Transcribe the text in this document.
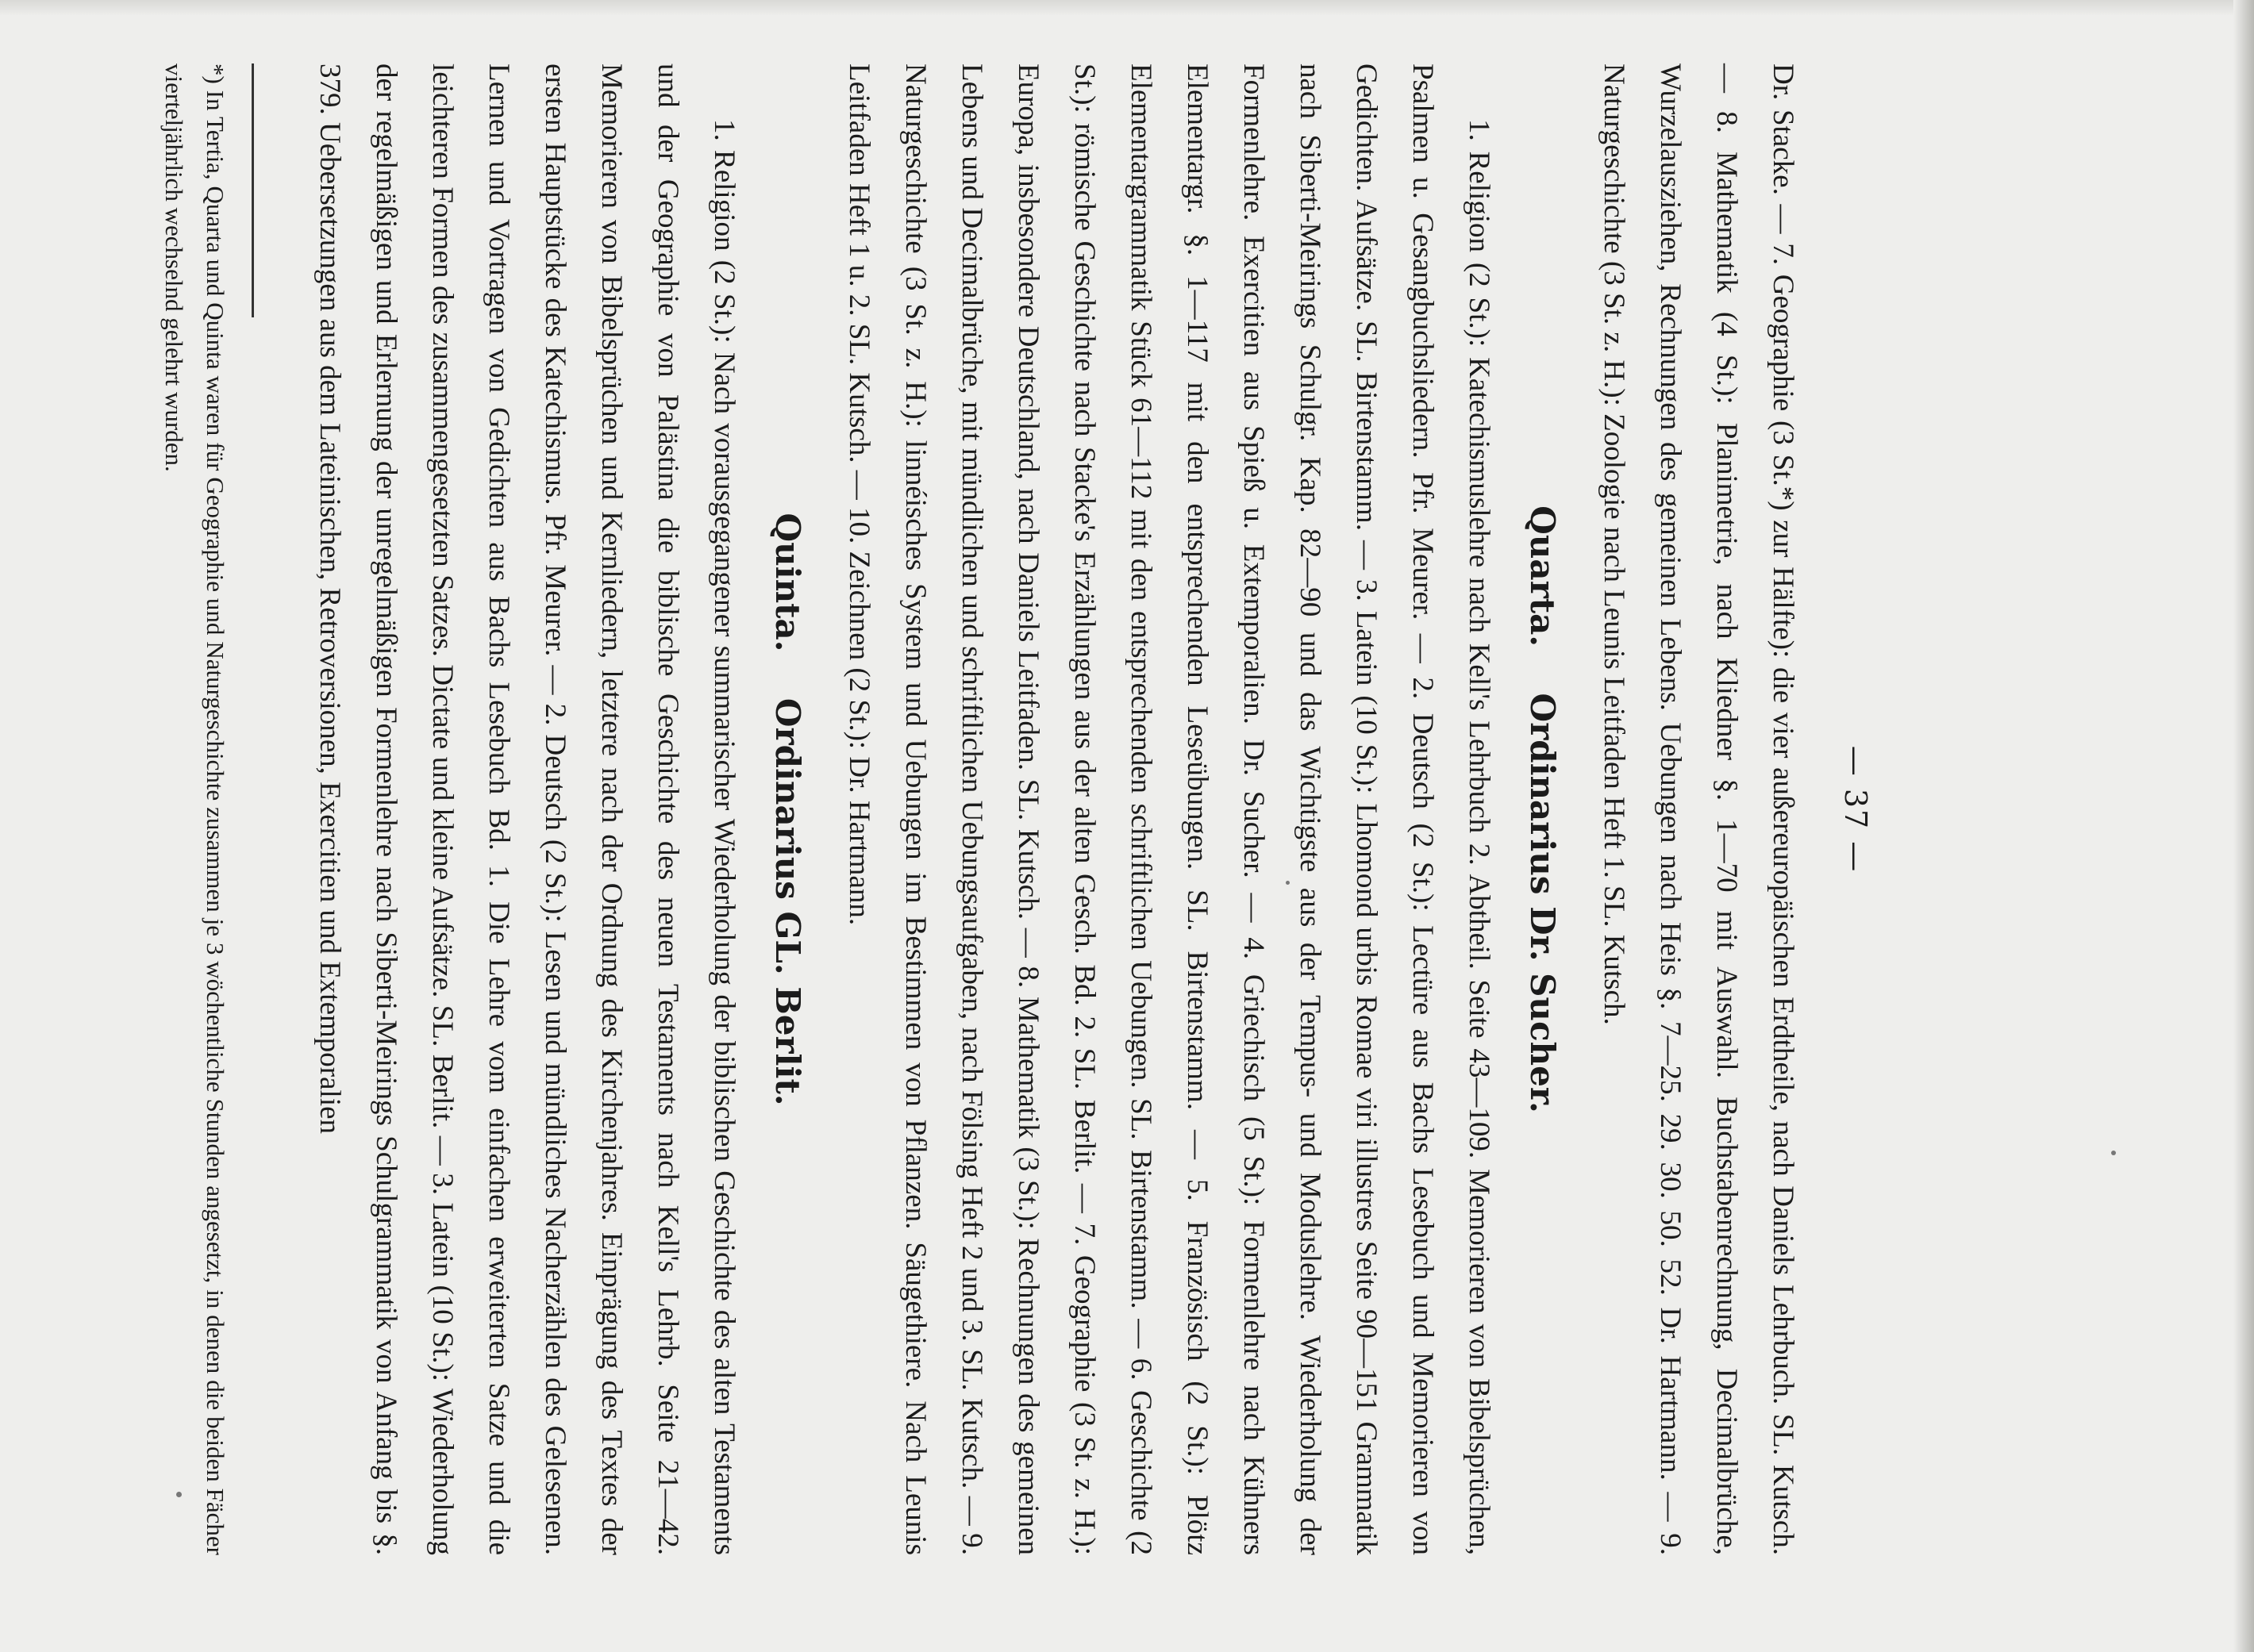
— 37 —

Dr. Stacke. — 7. Geographie (3 St.*) zur Hälfte): die vier außereuropäischen Erdtheile, nach Daniels Lehrbuch. SL. Kutsch. — 8. Mathematik (4 St.): Planimetrie, nach Kliedner §. 1—70 mit Auswahl. Buchstabenrechnung, Decimalbrüche, Wurzelausziehen, Rechnungen des gemeinen Lebens. Uebungen nach Heis §. 7—25. 29. 30. 50. 52. Dr. Hartmann. — 9. Naturgeschichte (3 St. z. H.): Zoologie nach Leunis Leitfaden Heft 1. SL. Kutsch.

Quarta.    Ordinarius Dr. Sucher.

1. Religion (2 St.): Katechismuslehre nach Kell's Lehrbuch 2. Abtheil. Seite 43—109. Memorieren von Bibelsprüchen, Psalmen u. Gesangbuchsliedern. Pfr. Meurer. — 2. Deutsch (2 St.): Lectüre aus Bachs Lesebuch und Memorieren von Gedichten. Aufsätze. SL. Birtenstamm. — 3. Latein (10 St.): Lhomond urbis Romae viri illustres Seite 90—151 Grammatik nach Siberti-Meirings Schulgr. Kap. 82—90 und das Wichtigste aus der Tempus- und Moduslehre. Wiederholung der Formenlehre. Exercitien aus Spieß u. Extemporalien. Dr. Sucher. — 4. Griechisch (5 St.): Formenlehre nach Kühners Elementargr. §. 1—117 mit den entsprechenden Leseübungen. SL. Birtenstamm. — 5. Französisch (2 St.): Plötz Elementargrammatik Stück 61—112 mit den entsprechenden schriftlichen Uebungen. SL. Birtenstamm. — 6. Geschichte (2 St.): römische Geschichte nach Stacke's Erzählungen aus der alten Gesch. Bd. 2. SL. Berlit. — 7. Geographie (3 St. z. H.): Europa, insbesondere Deutschland, nach Daniels Leitfaden. SL. Kutsch. — 8. Mathematik (3 St.): Rechnungen des gemeinen Lebens und Decimalbrüche, mit mündlichen und schriftlichen Uebungsaufgaben, nach Fölsing Heft 2 und 3. SL. Kutsch. — 9. Naturgeschichte (3 St. z. H.): linnéisches System und Uebungen im Bestimmen von Pflanzen. Säugethiere. Nach Leunis Leitfaden Heft 1 u. 2. SL. Kutsch. — 10. Zeichnen (2 St.): Dr. Hartmann.

Quinta.    Ordinarius GL. Berlit.

1. Religion (2 St.): Nach vorausgegangener summarischer Wiederholung der biblischen Geschichte des alten Testaments und der Geographie von Palästina die biblische Geschichte des neuen Testaments nach Kell's Lehrb. Seite 21—42. Memorieren von Bibelsprüchen und Kernliedern, letztere nach der Ordnung des Kirchenjahres. Einprägung des Textes der ersten Hauptstücke des Katechismus. Pfr. Meurer. — 2. Deutsch (2 St.): Lesen und mündliches Nacherzählen des Gelesenen. Lernen und Vortragen von Gedichten aus Bachs Lesebuch Bd. 1. Die Lehre vom einfachen erweiterten Satze und die leichteren Formen des zusammengesetzten Satzes. Dictate und kleine Aufsätze. SL. Berlit. — 3. Latein (10 St.): Wiederholung der regelmäßigen und Erlernung der unregelmäßigen Formenlehre nach Siberti-Meirings Schulgrammatik von Anfang bis §. 379. Uebersetzungen aus dem Lateinischen, Retroversionen, Exercitien und Extemporalien

*) In Tertia, Quarta und Quinta waren für Geographie und Naturgeschichte zusammen je 3 wöchentliche Stunden angesetzt, in denen die beiden Fächer vierteljährlich wechselnd gelehrt wurden.
